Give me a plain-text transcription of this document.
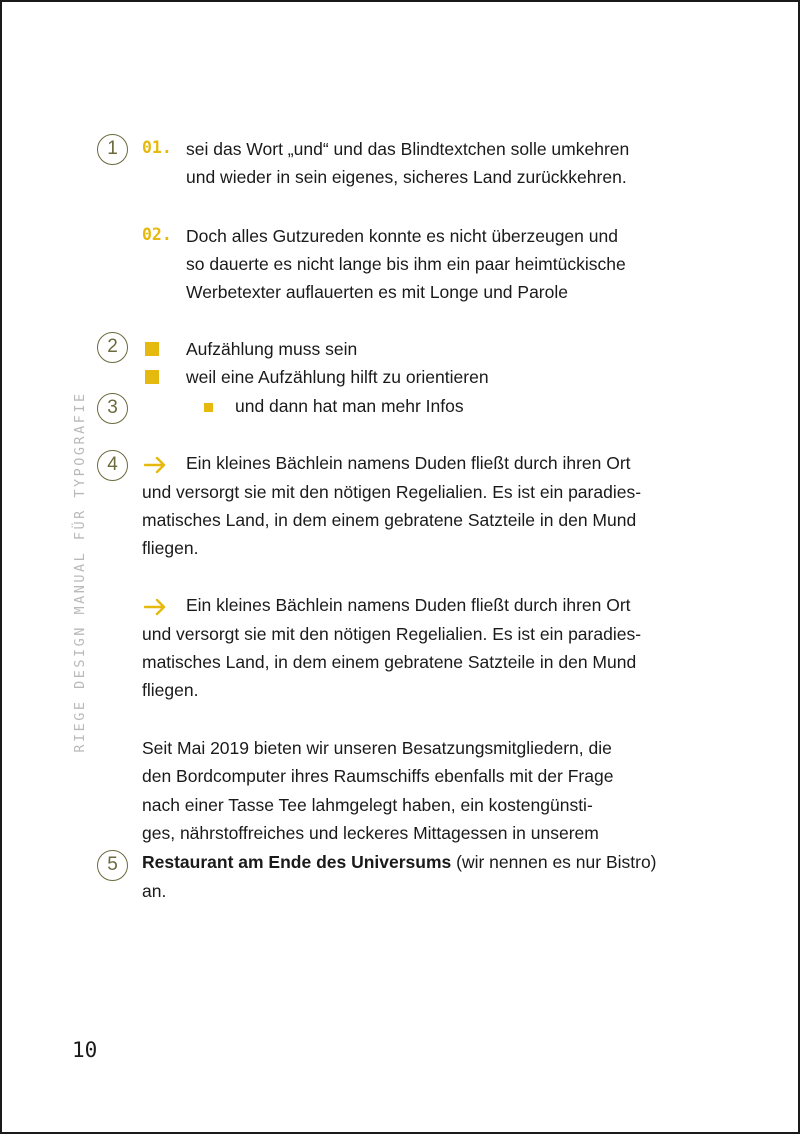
RIEGE DESIGN MANUAL FÜR TYPOGRAFIE
1
2
3
4
5
01. sei das Wort „und“ und das Blindtextchen solle umkehren
und wieder in sein eigenes, sicheres Land zurückkehren.
02. Doch alles Gutzureden konnte es nicht überzeugen und
so dauerte es nicht lange bis ihm ein paar heimtückische
Werbetexter auflauerten es mit Longe und Parole
Aufzählung muss sein
weil eine Aufzählung hilft zu orientieren
und dann hat man mehr Infos
Ein kleines Bächlein namens Duden fließt durch ihren Ort
und versorgt sie mit den nötigen Regelialien. Es ist ein paradies-
matisches Land, in dem einem gebratene Satzteile in den Mund
fliegen.
Ein kleines Bächlein namens Duden fließt durch ihren Ort
und versorgt sie mit den nötigen Regelialien. Es ist ein paradies-
matisches Land, in dem einem gebratene Satzteile in den Mund
fliegen.
Seit Mai 2019 bieten wir unseren Besatzungsmitgliedern, die
den Bordcomputer ihres Raumschiffs ebenfalls mit der Frage
nach einer Tasse Tee lahmgelegt haben, ein kostengünsti-
ges, nährstoffreiches und leckeres Mittagessen in unserem
Restaurant am Ende des Universums (wir nennen es nur Bistro)
an.
10
